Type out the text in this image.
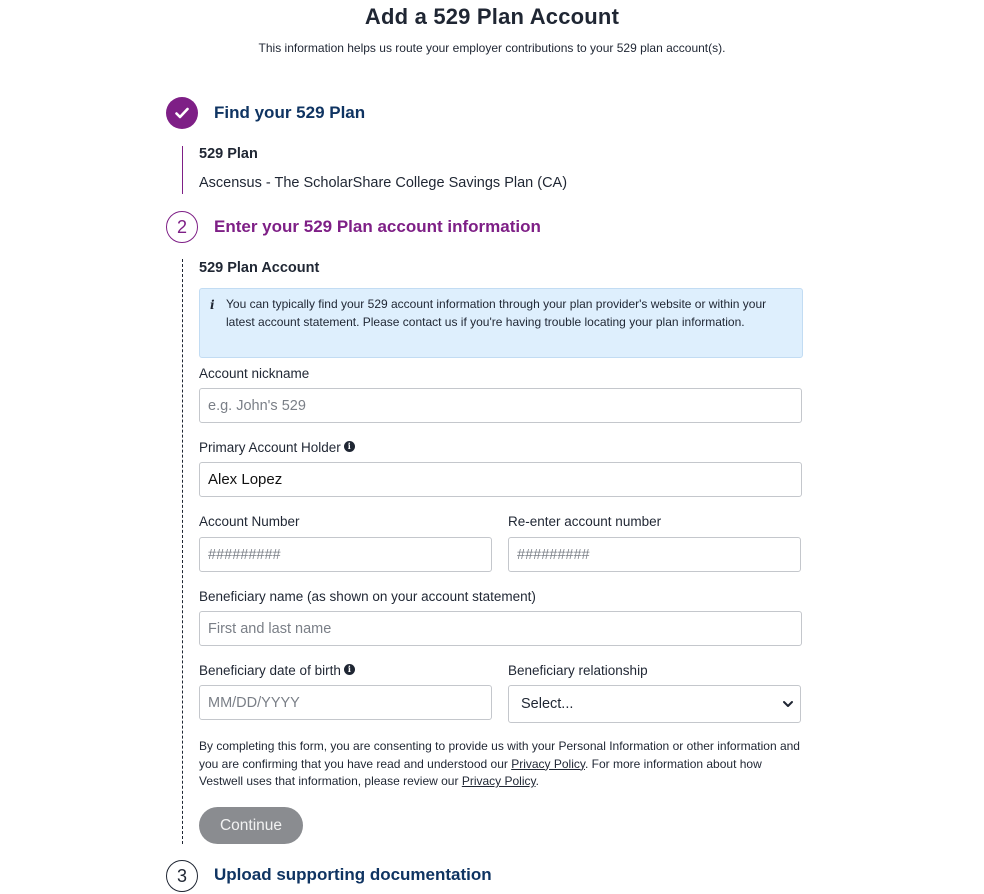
Add a 529 Plan Account
This information helps us route your employer contributions to your 529 plan account(s).
Find your 529 Plan
529 Plan
Ascensus - The ScholarShare College Savings Plan (CA)
2 Enter your 529 Plan account information
529 Plan Account
i You can typically find your 529 account information through your plan provider's website or within your latest account statement. Please contact us if you're having trouble locating your plan information.
Account nickname
e.g. John's 529
Primary Account Holder i
Alex Lopez
Account Number	Re-enter account number
#########
#########
Beneficiary name (as shown on your account statement)
First and last name
Beneficiary date of birth i	Beneficiary relationship
MM/DD/YYYY
Select...
By completing this form, you are consenting to provide us with your Personal Information or other information and you are confirming that you have read and understood our Privacy Policy. For more information about how Vestwell uses that information, please review our Privacy Policy.
Continue
3 Upload supporting documentation
